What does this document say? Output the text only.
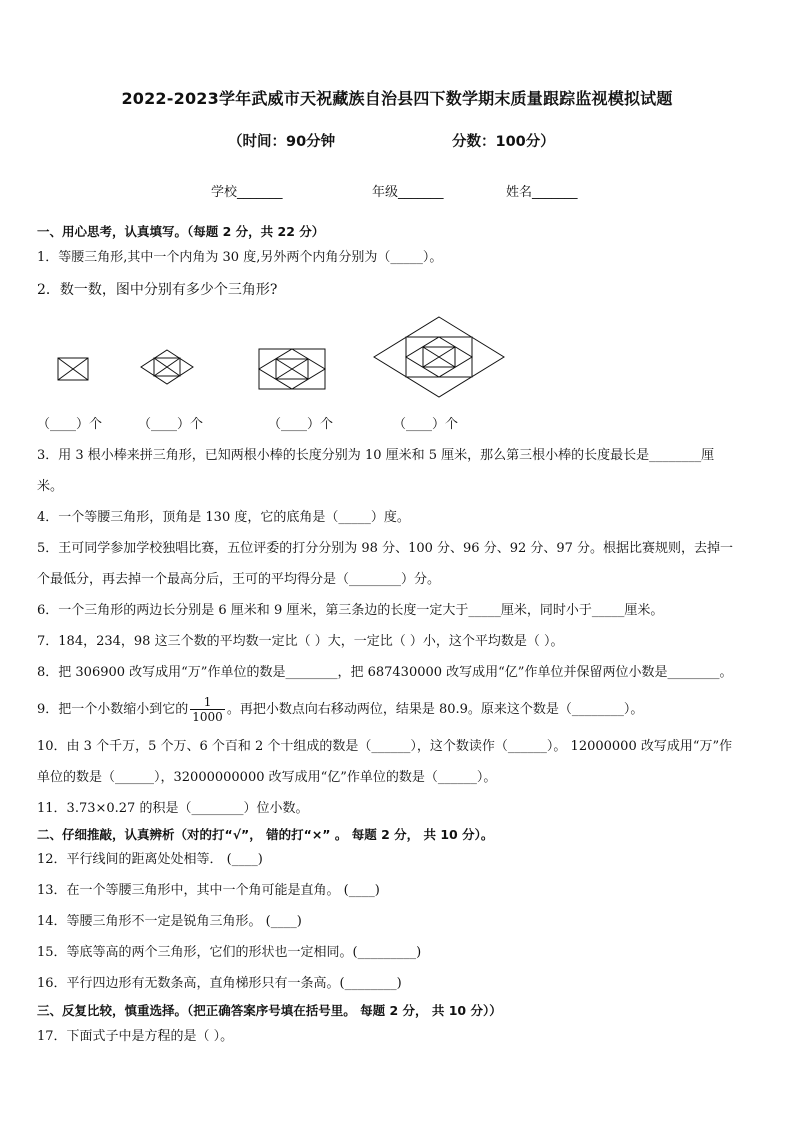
2022-2023学年武威市天祝藏族自治县四下数学期末质量跟踪监视模拟试题
（时间：90分钟	分数：100分）
学校_______	年级_______	姓名_______
一、用心思考，认真填写。（每题 2 分，共 22 分）
1．等腰三角形,其中一个内角为 30 度,另外两个内角分别为（_____）。
2．数一数，图中分别有多少个三角形?
（____）个	（____）个	（____）个	（____）个
3．用 3 根小棒来拼三角形，已知两根小棒的长度分别为 10 厘米和 5 厘米，那么第三根小棒的长度最长是________厘
米。
4．一个等腰三角形，顶角是 130 度，它的底角是（_____）度。
5．王可同学参加学校独唱比赛，五位评委的打分分别为 98 分、100 分、96 分、92 分、97 分。根据比赛规则，去掉一
个最低分，再去掉一个最高分后，王可的平均得分是（________）分。
6．一个三角形的两边长分别是 6 厘米和 9 厘米，第三条边的长度一定大于_____厘米，同时小于_____厘米。
7．184，234，98 这三个数的平均数一定比（ ）大，一定比（ ）小，这个平均数是（ ）。
8．把 306900 改写成用“万”作单位的数是________，把 687430000 改写成用“亿”作单位并保留两位小数是________。
9．把一个小数缩小到它的 $\frac{1}{1000}$ 。再把小数点向右移动两位，结果是 80.9。原来这个数是（________）。
10．由 3 个千万，5 个万、6 个百和 2 个十组成的数是（______），这个数读作（______）。 12000000 改写成用“万”作
单位的数是（______），32000000000 改写成用“亿”作单位的数是（______）。
11．3.73×0.27 的积是（________）位小数。
二、仔细推敲，认真辨析（对的打“√”， 错的打“×” 。 每题 2 分， 共 10 分）。
12．平行线间的距离处处相等． (____)
13．在一个等腰三角形中，其中一个角可能是直角。 (____)
14．等腰三角形不一定是锐角三角形。 (____)
15．等底等高的两个三角形，它们的形状也一定相同。(_________)
16．平行四边形有无数条高，直角梯形只有一条高。(________)
三、反复比较，慎重选择。（把正确答案序号填在括号里。 每题 2 分， 共 10 分））
17．下面式子中是方程的是（ ）。
